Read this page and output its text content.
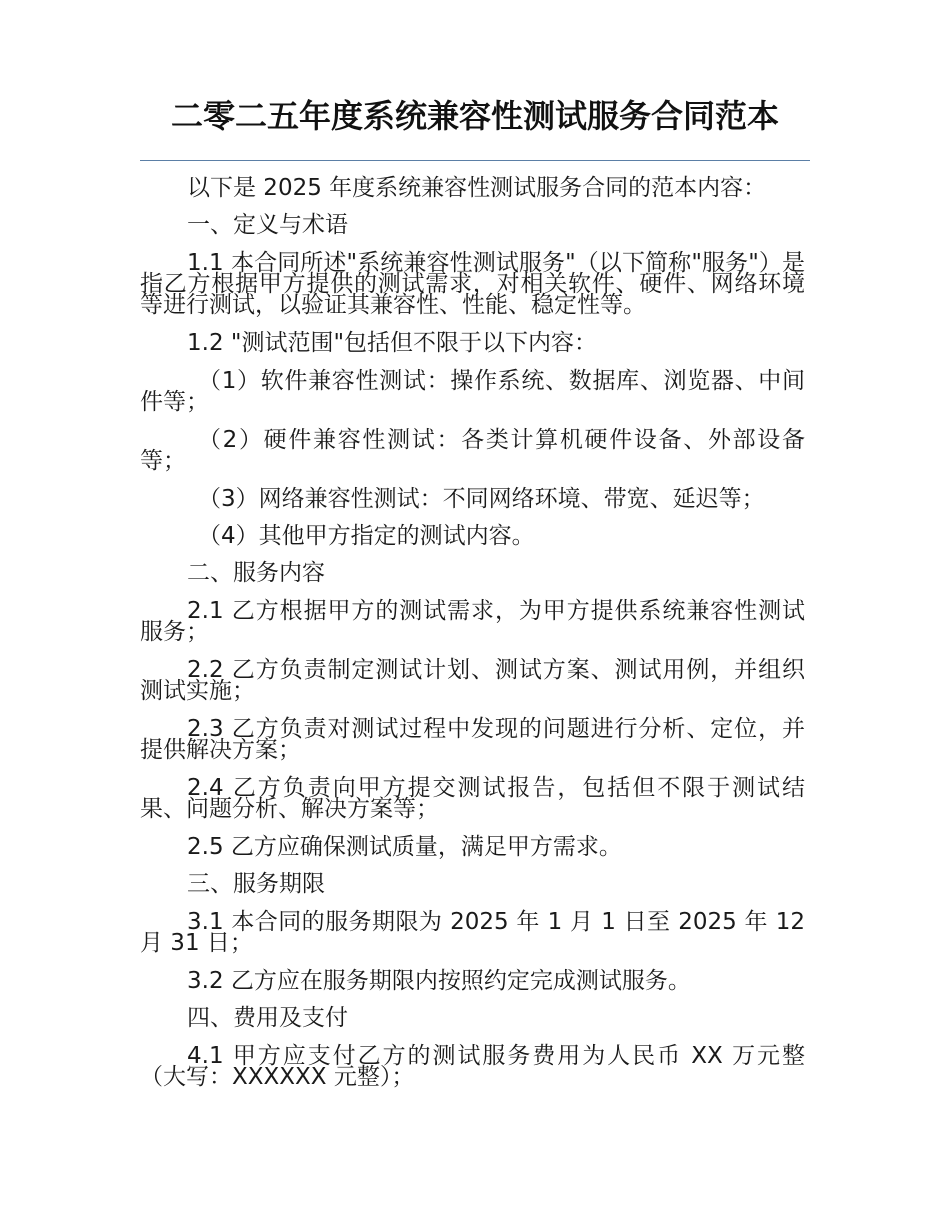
二零二五年度系统兼容性测试服务合同范本

以下是 2025 年度系统兼容性测试服务合同的范本内容：

一、定义与术语

1.1 本合同所述"系统兼容性测试服务"（以下简称"服务"）是指乙方根据甲方提供的测试需求，对相关软件、硬件、网络环境等进行测试，以验证其兼容性、性能、稳定性等。

1.2 "测试范围"包括但不限于以下内容：

（1）软件兼容性测试：操作系统、数据库、浏览器、中间件等；

（2）硬件兼容性测试：各类计算机硬件设备、外部设备等；

（3）网络兼容性测试：不同网络环境、带宽、延迟等；

（4）其他甲方指定的测试内容。

二、服务内容

2.1 乙方根据甲方的测试需求，为甲方提供系统兼容性测试服务；

2.2 乙方负责制定测试计划、测试方案、测试用例，并组织测试实施；

2.3 乙方负责对测试过程中发现的问题进行分析、定位，并提供解决方案；

2.4 乙方负责向甲方提交测试报告，包括但不限于测试结果、问题分析、解决方案等；

2.5 乙方应确保测试质量，满足甲方需求。

三、服务期限

3.1 本合同的服务期限为 2025 年 1 月 1 日至 2025 年 12 月 31 日；

3.2 乙方应在服务期限内按照约定完成测试服务。

四、费用及支付

4.1 甲方应支付乙方的测试服务费用为人民币 XX 万元整（大写：XXXXXX 元整）；
